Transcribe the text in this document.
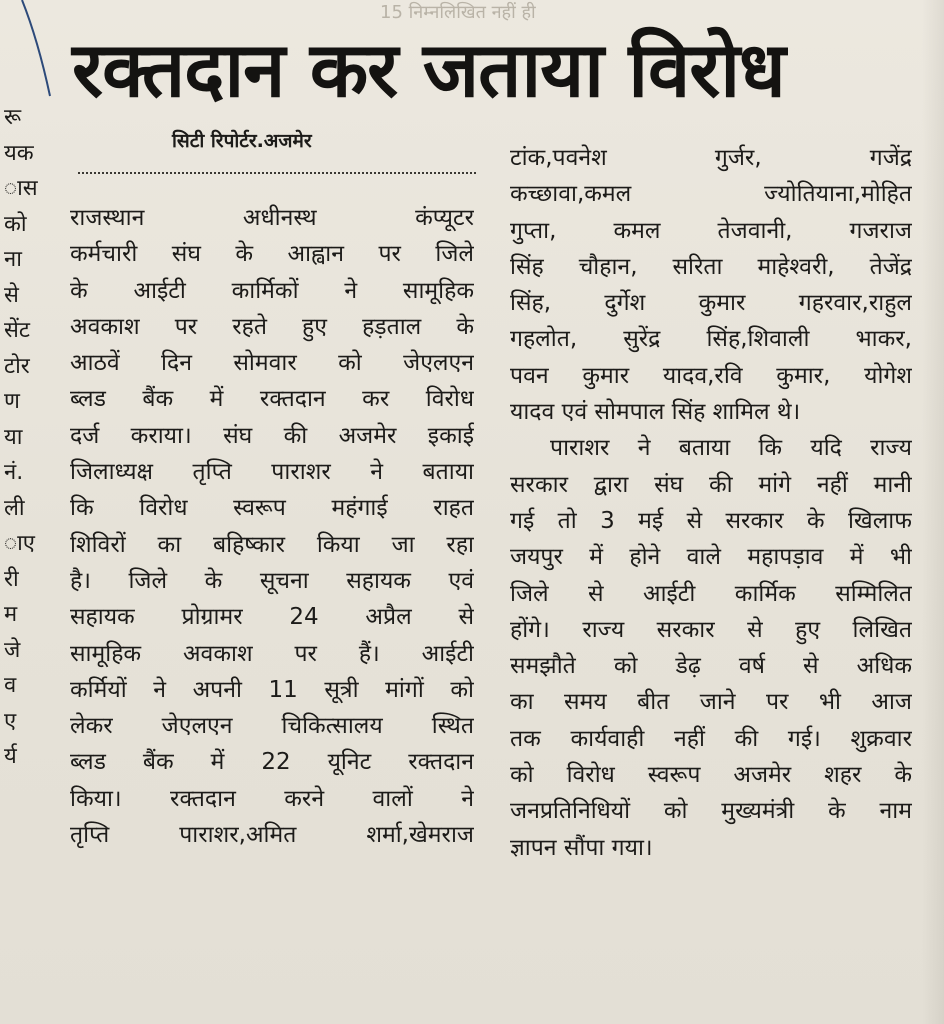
15 निम्नलिखित नहीं ही
रू
यक
ास
को
ना
से
सेंट
टोर
ण
या
नं.
ली
ाए
री
म
जे
व
ए
र्य
रक्तदान कर जताया विरोध
सिटी रिपोर्टर.अजमेर
राजस्थान अधीनस्थ कंप्यूटर
कर्मचारी संघ के आह्वान पर जिले
के आईटी कार्मिकों ने सामूहिक
अवकाश पर रहते हुए हड़ताल के
आठवें दिन सोमवार को जेएलएन
ब्लड बैंक में रक्तदान कर विरोध
दर्ज कराया। संघ की अजमेर इकाई
जिलाध्यक्ष तृप्ति पाराशर ने बताया
कि विरोध स्वरूप महंगाई राहत
शिविरों का बहिष्कार किया जा रहा
है। जिले के सूचना सहायक एवं
सहायक प्रोग्रामर 24 अप्रैल से
सामूहिक अवकाश पर हैं। आईटी
कर्मियों ने अपनी 11 सूत्री मांगों को
लेकर जेएलएन चिकित्सालय स्थित
ब्लड बैंक में 22 यूनिट रक्तदान
किया। रक्तदान करने वालों ने
तृप्ति पाराशर,अमित शर्मा,खेमराज
टांक,पवनेश गुर्जर, गजेंद्र
कच्छावा,कमल ज्योतियाना,मोहित
गुप्ता, कमल तेजवानी, गजराज
सिंह चौहान, सरिता माहेश्वरी, तेजेंद्र
सिंह, दुर्गेश कुमार गहरवार,राहुल
गहलोत, सुरेंद्र सिंह,शिवाली भाकर,
पवन कुमार यादव,रवि कुमार, योगेश
यादव एवं सोमपाल सिंह शामिल थे।
पाराशर ने बताया कि यदि राज्य
सरकार द्वारा संघ की मांगे नहीं मानी
गई तो 3 मई से सरकार के खिलाफ
जयपुर में होने वाले महापड़ाव में भी
जिले से आईटी कार्मिक सम्मिलित
होंगे। राज्य सरकार से हुए लिखित
समझौते को डेढ़ वर्ष से अधिक
का समय बीत जाने पर भी आज
तक कार्यवाही नहीं की गई। शुक्रवार
को विरोध स्वरूप अजमेर शहर के
जनप्रतिनिधियों को मुख्यमंत्री के नाम
ज्ञापन सौंपा गया।
